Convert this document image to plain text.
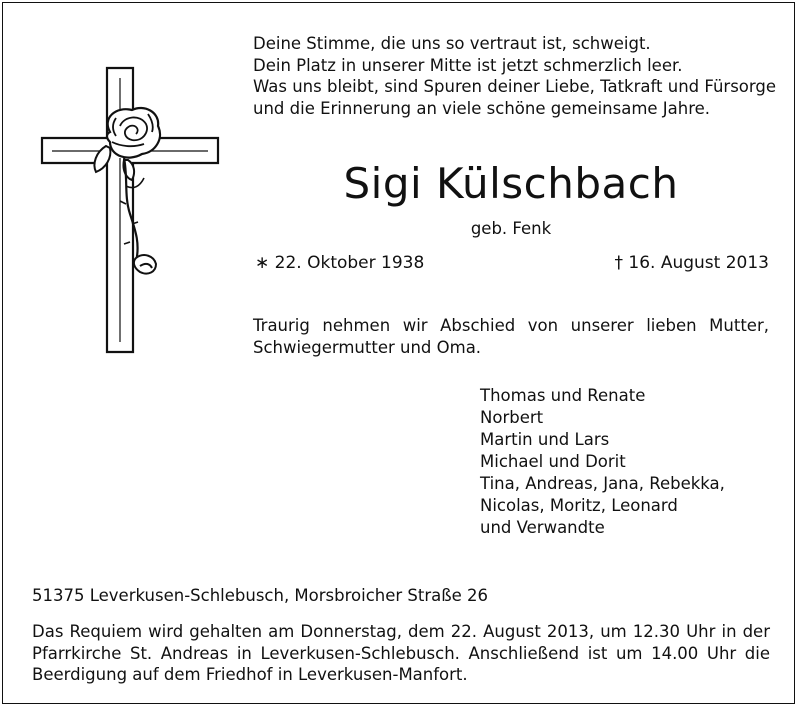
Deine Stimme, die uns so vertraut ist, schweigt.
Dein Platz in unserer Mitte ist jetzt schmerzlich leer.
Was uns bleibt, sind Spuren deiner Liebe, Tatkraft und Fürsorge
und die Erinnerung an viele schöne gemeinsame Jahre.
Sigi Külschbach
geb. Fenk
∗ 22. Oktober 1938	† 16. August 2013
Traurig nehmen wir Abschied von unserer lieben Mutter,
Schwiegermutter und Oma.
Thomas und Renate
Norbert
Martin und Lars
Michael und Dorit
Tina, Andreas, Jana, Rebekka,
Nicolas, Moritz, Leonard
und Verwandte
51375 Leverkusen-Schlebusch, Morsbroicher Straße 26
Das Requiem wird gehalten am Donnerstag, dem 22. August 2013, um 12.30 Uhr in der
Pfarrkirche St. Andreas in Leverkusen-Schlebusch. Anschließend ist um 14.00 Uhr die
Beerdigung auf dem Friedhof in Leverkusen-Manfort.
